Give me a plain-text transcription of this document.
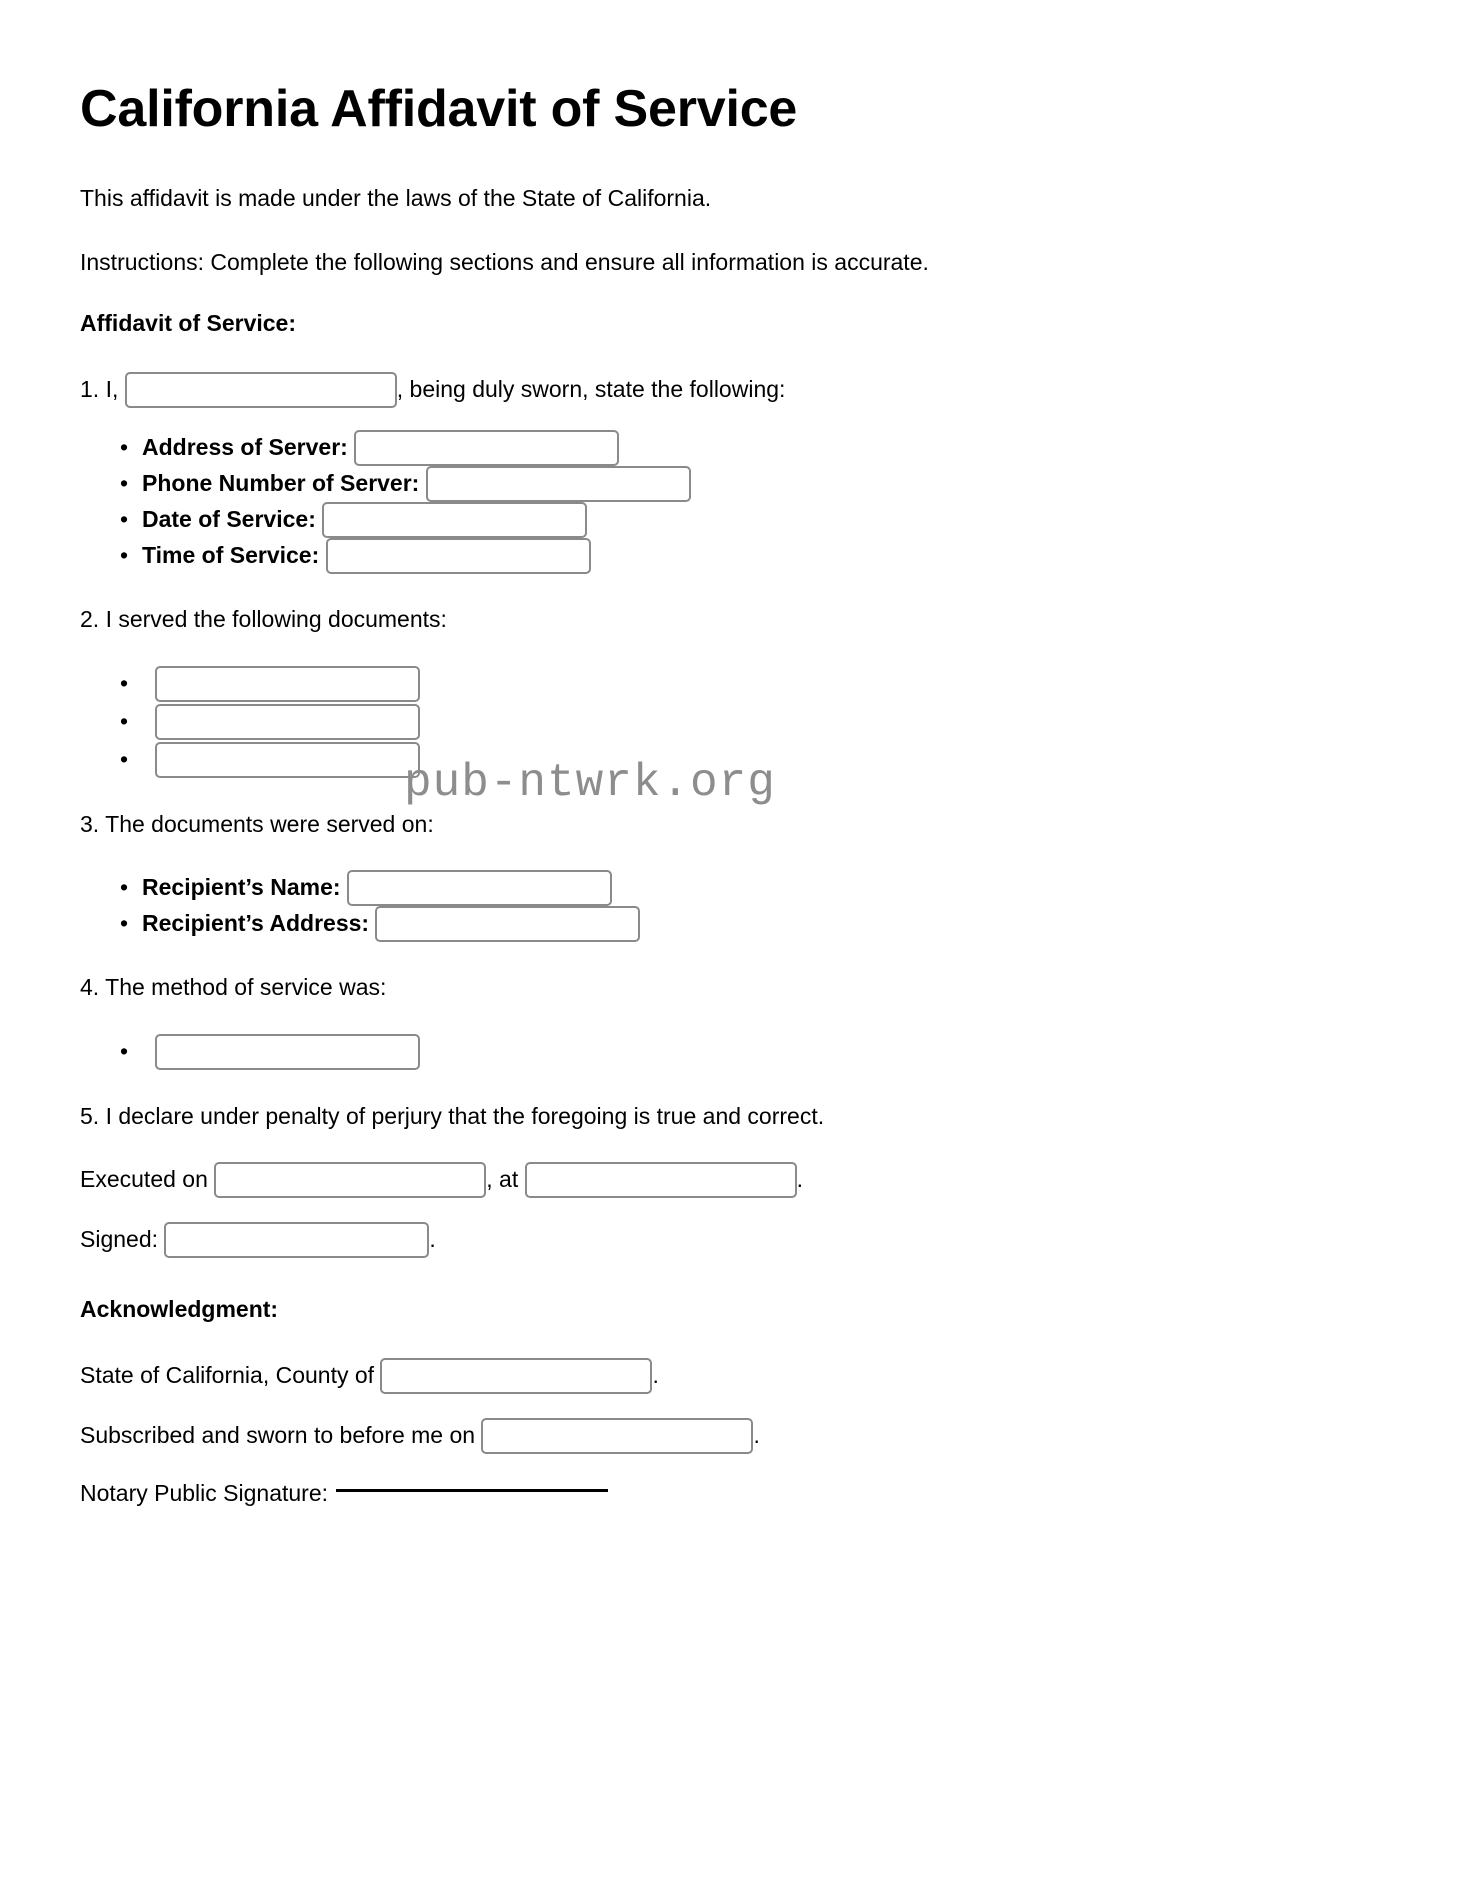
California Affidavit of Service

This affidavit is made under the laws of the State of California.

Instructions: Complete the following sections and ensure all information is accurate.

Affidavit of Service:

1. I,
	, being duly sworn, state the following:

• Address of Server:

• Phone Number of Server:

• Date of Service:

• Time of Service:

2. I served the following documents:

•
•
•

3. The documents were served on:

• Recipient’s Name:

• Recipient’s Address:

4. The method of service was:

•

5. I declare under penalty of perjury that the foregoing is true and correct.

Executed on	, at	.

Signed:	.

Acknowledgment:

State of California, County of	.

Subscribed and sworn to before me on	.

Notary Public Signature:

pub-ntwrk.org
